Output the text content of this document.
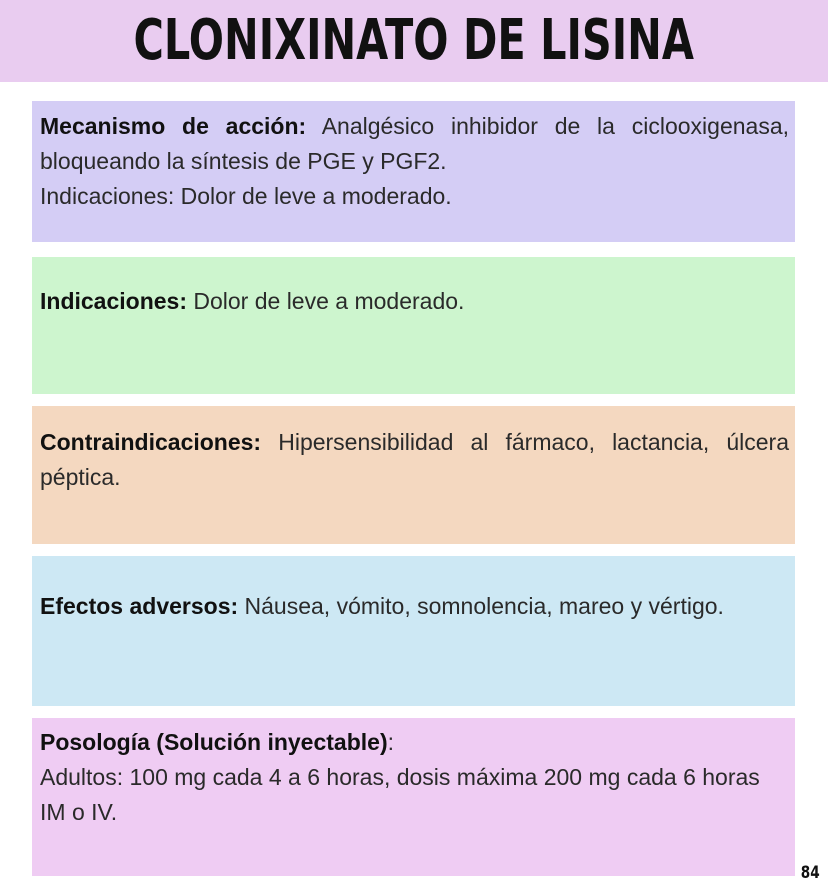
CLONIXINATO DE LISINA

Mecanismo de acción: Analgésico inhibidor de la ciclooxigenasa, bloqueando la síntesis de PGE y PGF2.

Indicaciones: Dolor de leve a moderado.

Indicaciones: Dolor de leve a moderado.

Contraindicaciones: Hipersensibilidad al fármaco, lactancia, úlcera péptica.

Efectos adversos: Náusea, vómito, somnolencia, mareo y vértigo.

Posología (Solución inyectable):

Adultos: 100 mg cada 4 a 6 horas, dosis máxima 200 mg cada 6 horas IM o IV.

84
